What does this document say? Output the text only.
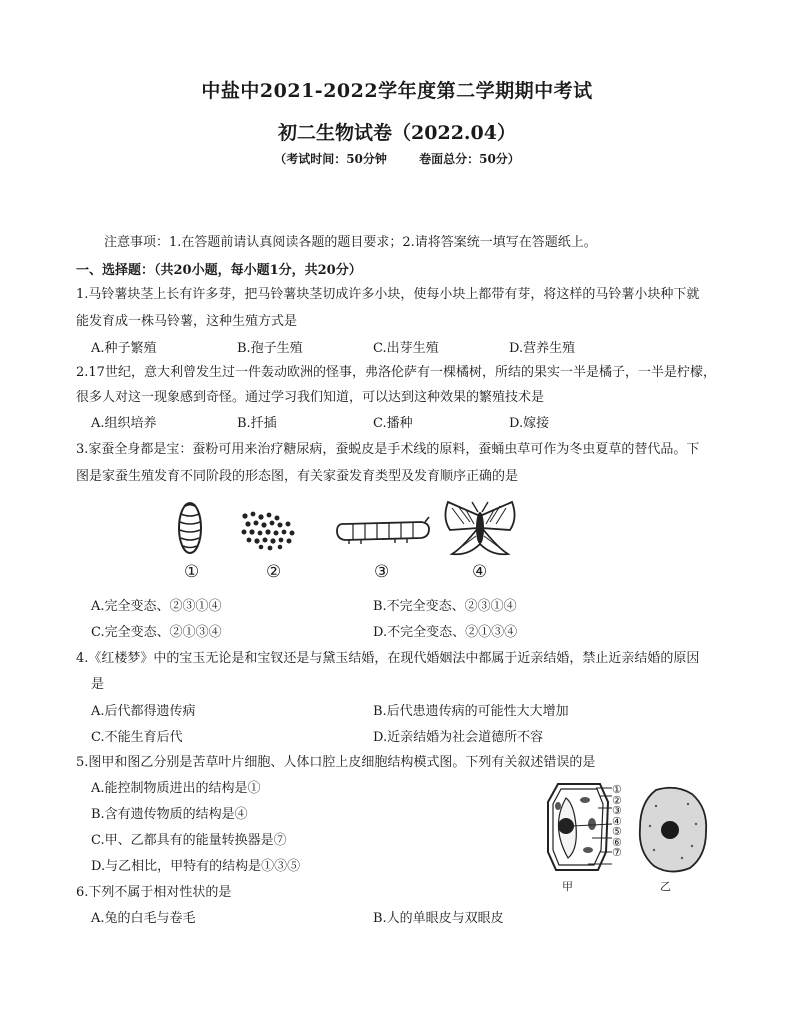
中盐中2021-2022学年度第二学期期中考试
初二生物试卷（2022.04）
（考试时间：50分钟	卷面总分：50分）
注意事项：1.在答题前请认真阅读各题的题目要求；2.请将答案统一填写在答题纸上。
一、选择题：（共20小题，每小题1分，共20分）
1.马铃薯块茎上长有许多芽，把马铃薯块茎切成许多小块，使每小块上都带有芽，将这样的马铃薯小块种下就
能发育成一株马铃薯，这种生殖方式是
A.种子繁殖	B.孢子生殖	C.出芽生殖	D.营养生殖
2.17世纪，意大利曾发生过一件轰动欧洲的怪事，弗洛伦萨有一棵橘树，所结的果实一半是橘子，一半是柠檬，
很多人对这一现象感到奇怪。通过学习我们知道，可以达到这种效果的繁殖技术是
A.组织培养	B.扦插	C.播种	D.嫁接
3.家蚕全身都是宝：蚕粉可用来治疗糖尿病，蚕蜕皮是手术线的原料，蚕蛹虫草可作为冬虫夏草的替代品。下
图是家蚕生殖发育不同阶段的形态图，有关家蚕发育类型及发育顺序正确的是
①	②	③	④
A.完全变态、②③①④	B.不完全变态、②③①④
C.完全变态、②①③④	D.不完全变态、②①③④
4.《红楼梦》中的宝玉无论是和宝钗还是与黛玉结婚，在现代婚姻法中都属于近亲结婚，禁止近亲结婚的原因
是
A.后代都得遗传病	B.后代患遗传病的可能性大大增加
C.不能生育后代	D.近亲结婚为社会道德所不容
5.图甲和图乙分别是苦草叶片细胞、人体口腔上皮细胞结构模式图。下列有关叙述错误的是
A.能控制物质进出的结构是①
B.含有遗传物质的结构是④
C.甲、乙都具有的能量转换器是⑦
D.与乙相比，甲特有的结构是①③⑤
①
②
③
④
⑤
⑥
⑦
甲	乙
6.下列不属于相对性状的是
A.兔的白毛与卷毛	B.人的单眼皮与双眼皮
